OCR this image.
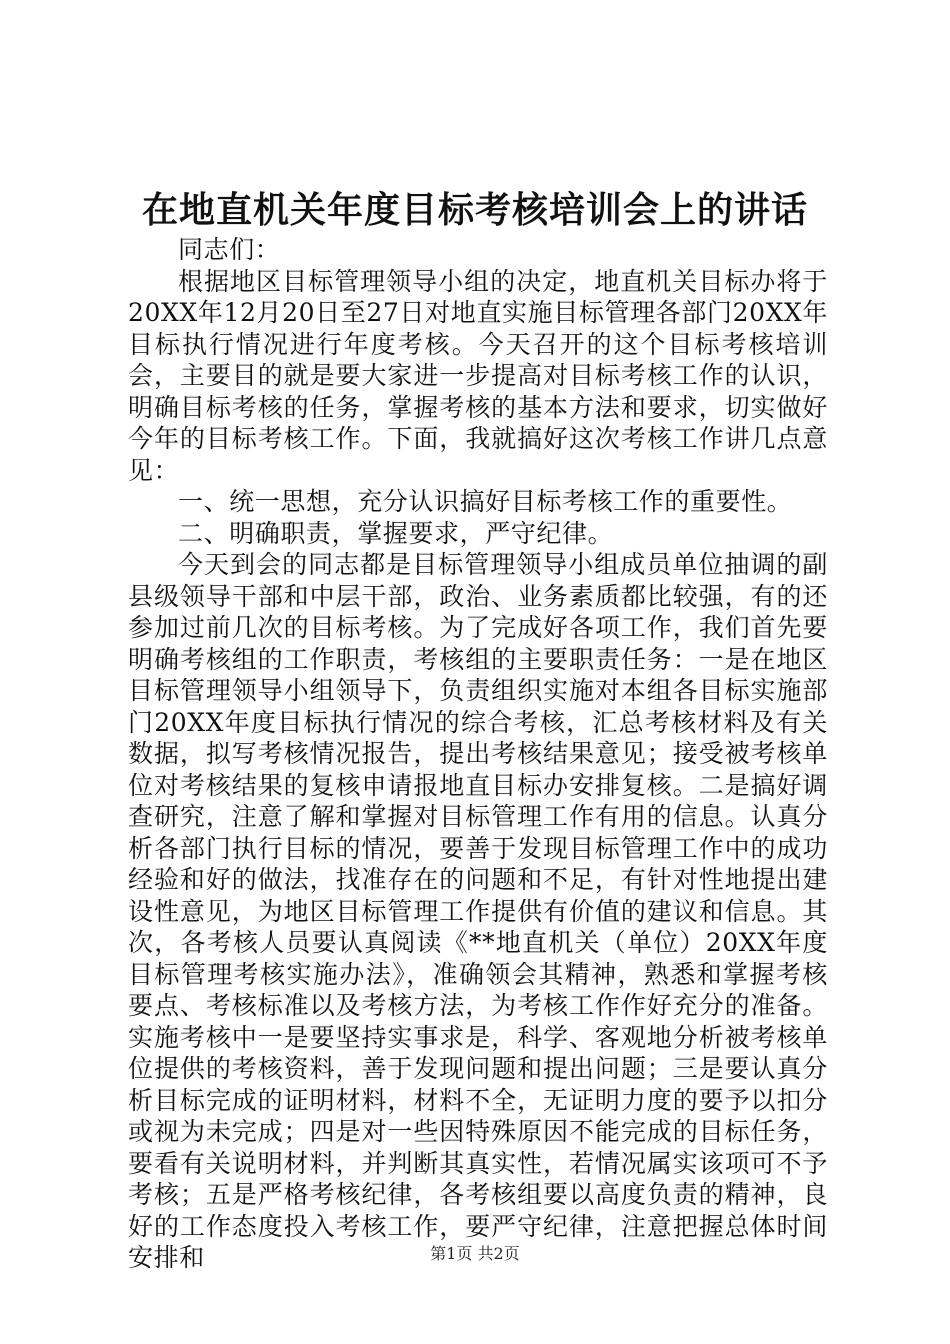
在地直机关年度目标考核培训会上的讲话

同志们：

根据地区目标管理领导小组的决定，地直机关目标办将于20XX年12月20日至27日对地直实施目标管理各部门20XX年目标执行情况进行年度考核。今天召开的这个目标考核培训会，主要目的就是要大家进一步提高对目标考核工作的认识，明确目标考核的任务，掌握考核的基本方法和要求，切实做好今年的目标考核工作。下面，我就搞好这次考核工作讲几点意见：

一、统一思想，充分认识搞好目标考核工作的重要性。

二、明确职责，掌握要求，严守纪律。

今天到会的同志都是目标管理领导小组成员单位抽调的副县级领导干部和中层干部，政治、业务素质都比较强，有的还参加过前几次的目标考核。为了完成好各项工作，我们首先要明确考核组的工作职责，考核组的主要职责任务：一是在地区目标管理领导小组领导下，负责组织实施对本组各目标实施部门20XX年度目标执行情况的综合考核，汇总考核材料及有关数据，拟写考核情况报告，提出考核结果意见；接受被考核单位对考核结果的复核申请报地直目标办安排复核。二是搞好调查研究，注意了解和掌握对目标管理工作有用的信息。认真分析各部门执行目标的情况，要善于发现目标管理工作中的成功经验和好的做法，找准存在的问题和不足，有针对性地提出建设性意见，为地区目标管理工作提供有价值的建议和信息。其次，各考核人员要认真阅读《**地直机关（单位）20XX年度目标管理考核实施办法》，准确领会其精神，熟悉和掌握考核要点、考核标准以及考核方法，为考核工作作好充分的准备。实施考核中一是要坚持实事求是，科学、客观地分析被考核单位提供的考核资料，善于发现问题和提出问题；三是要认真分析目标完成的证明材料，材料不全，无证明力度的要予以扣分或视为未完成；四是对一些因特殊原因不能完成的目标任务，要看有关说明材料，并判断其真实性，若情况属实该项可不予考核；五是严格考核纪律，各考核组要以高度负责的精神，良好的工作态度投入考核工作，要严守纪律，注意把握总体时间安排和	第1页 共2页
